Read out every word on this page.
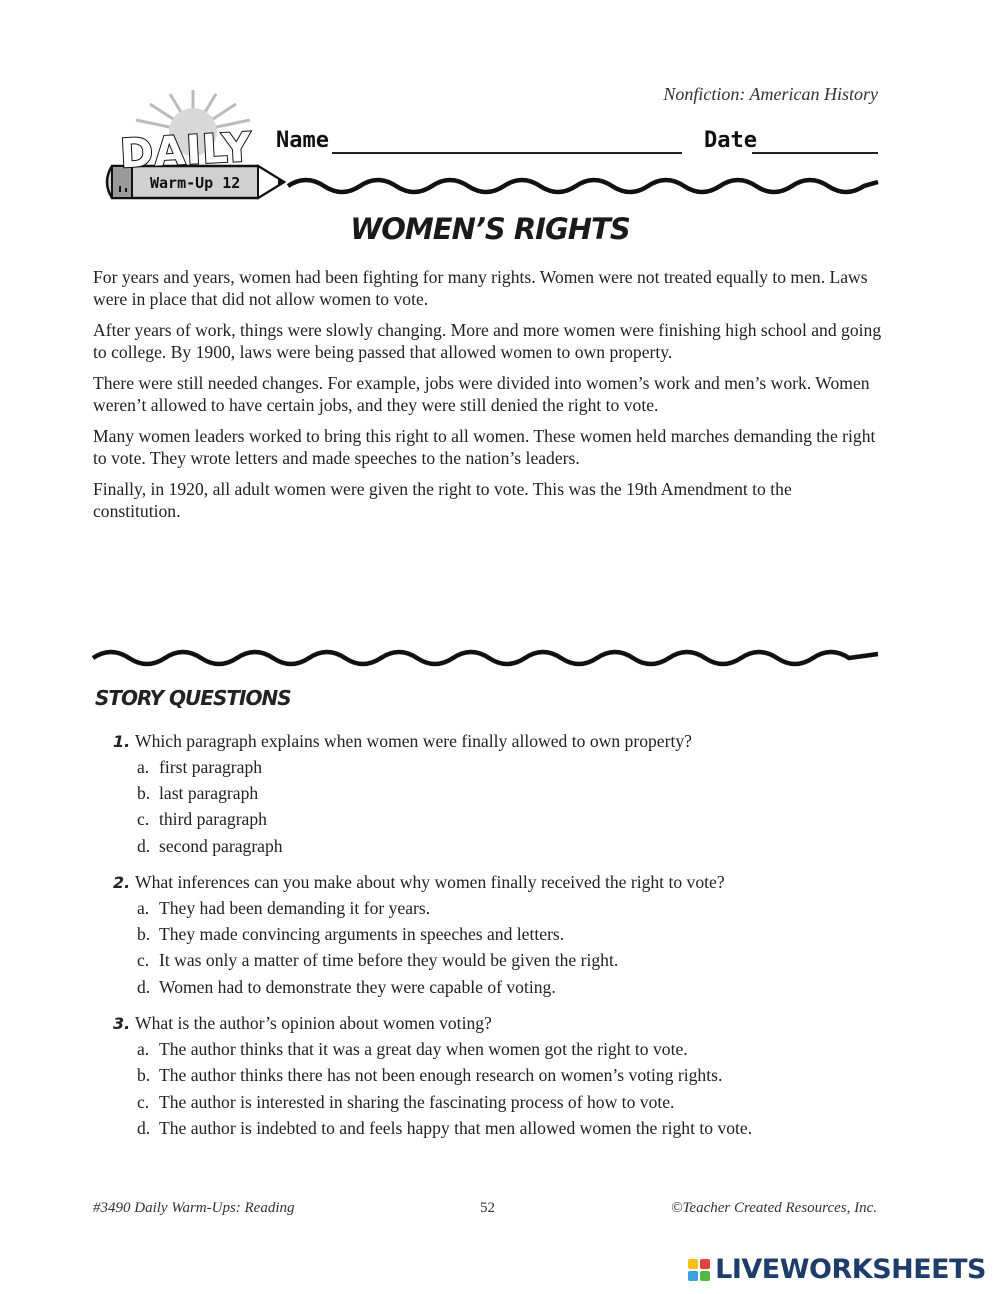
Nonfiction: American History
DAILY
Warm-Up 12
Name	Date
WOMEN’S RIGHTS

For years and years, women had been fighting for many rights. Women were not treated equally to men. Laws were in place that did not allow women to vote.

After years of work, things were slowly changing. More and more women were finishing high school and going to college. By 1900, laws were being passed that allowed women to own property.

There were still needed changes. For example, jobs were divided into women’s work and men’s work. Women weren’t allowed to have certain jobs, and they were still denied the right to vote.

Many women leaders worked to bring this right to all women. These women held marches demanding the right to vote. They wrote letters and made speeches to the nation’s leaders.

Finally, in 1920, all adult women were given the right to vote. This was the 19th Amendment to the constitution.

STORY QUESTIONS
1. Which paragraph explains when women were finally allowed to own property?
a. first paragraph
b. last paragraph
c. third paragraph
d. second paragraph
2. What inferences can you make about why women finally received the right to vote?
a. They had been demanding it for years.
b. They made convincing arguments in speeches and letters.
c. It was only a matter of time before they would be given the right.
d. Women had to demonstrate they were capable of voting.
3. What is the author’s opinion about women voting?
a. The author thinks that it was a great day when women got the right to vote.
b. The author thinks there has not been enough research on women’s voting rights.
c. The author is interested in sharing the fascinating process of how to vote.
d. The author is indebted to and feels happy that men allowed women the right to vote.
#3490 Daily Warm-Ups: Reading	52	©Teacher Created Resources, Inc.
LIVEWORKSHEETS
